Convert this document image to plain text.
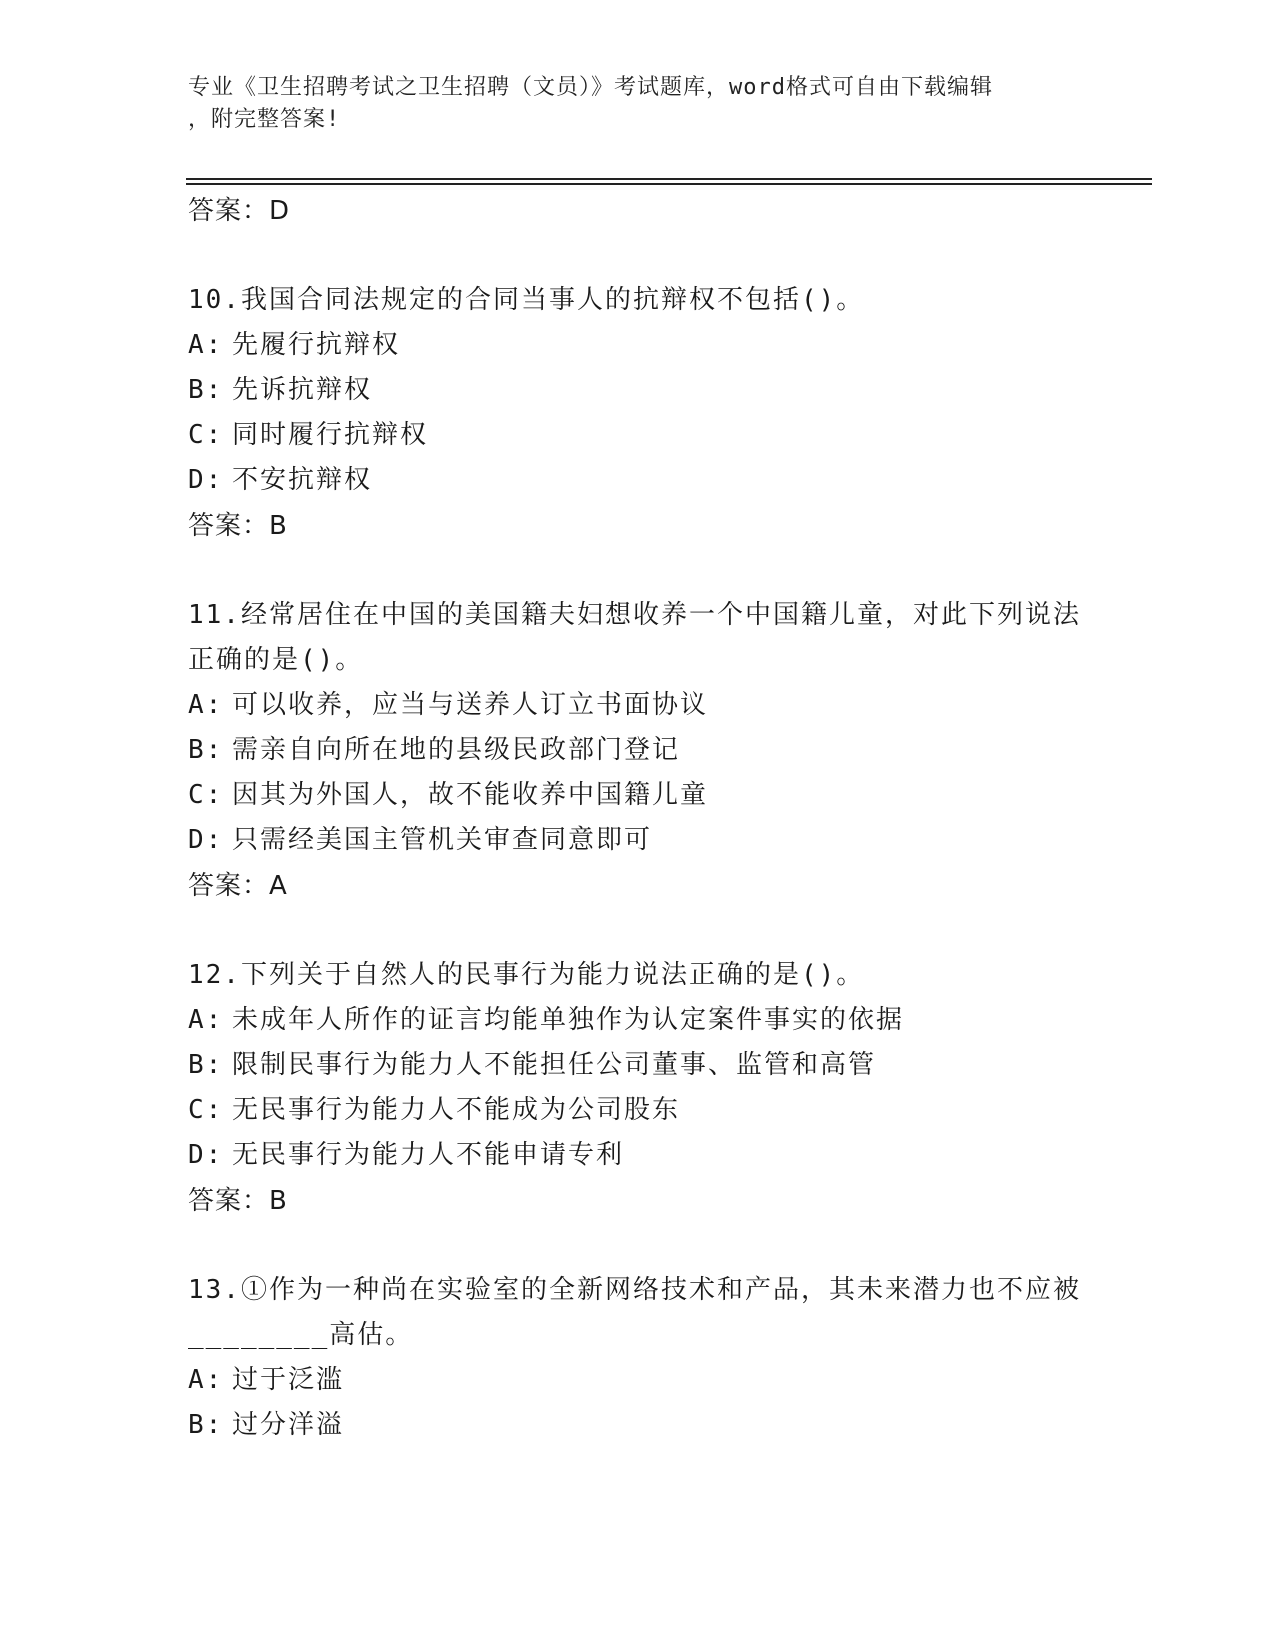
专业《卫生招聘考试之卫生招聘（文员）》考试题库，word格式可自由下载编辑
，附完整答案!
答案：D
10.我国合同法规定的合同当事人的抗辩权不包括()。
A: 先履行抗辩权
B: 先诉抗辩权
C: 同时履行抗辩权
D: 不安抗辩权
答案：B
11.经常居住在中国的美国籍夫妇想收养一个中国籍儿童，对此下列说法正确的是()。
A: 可以收养，应当与送养人订立书面协议
B: 需亲自向所在地的县级民政部门登记
C: 因其为外国人，故不能收养中国籍儿童
D: 只需经美国主管机关审查同意即可
答案：A
12.下列关于自然人的民事行为能力说法正确的是()。
A: 未成年人所作的证言均能单独作为认定案件事实的依据
B: 限制民事行为能力人不能担任公司董事、监管和高管
C: 无民事行为能力人不能成为公司股东
D: 无民事行为能力人不能申请专利
答案：B
13.①作为一种尚在实验室的全新网络技术和产品，其未来潜力也不应被________高估。
A: 过于泛滥
B: 过分洋溢
